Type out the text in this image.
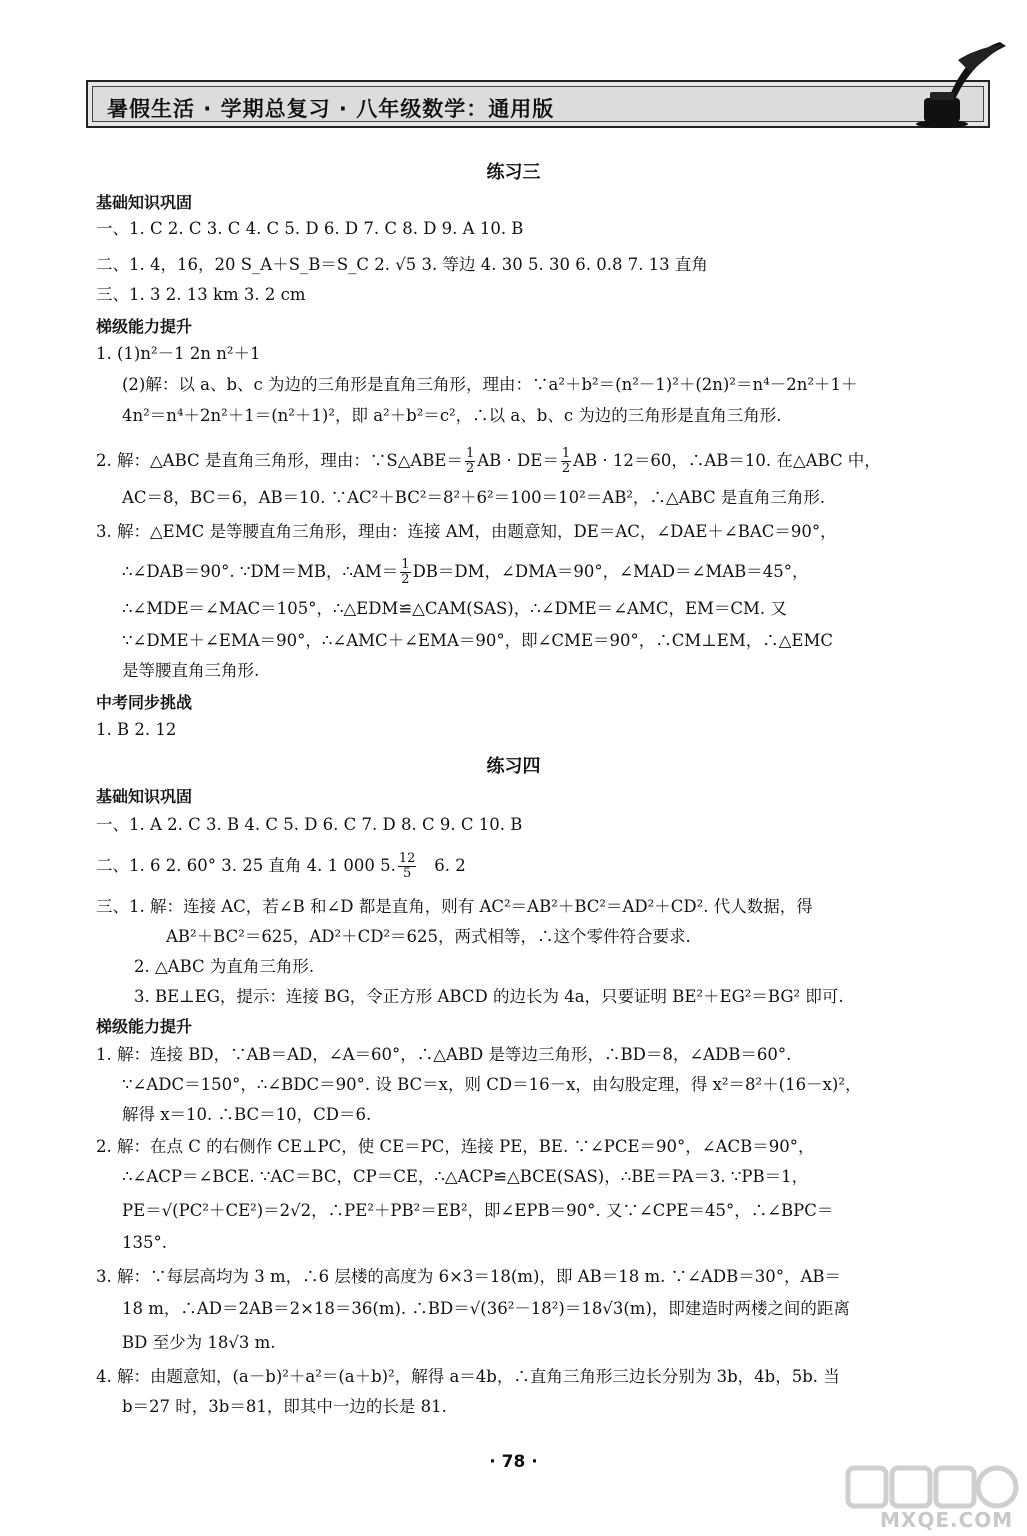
暑假生活 · 学期总复习 · 八年级数学：通用版
练习三
基础知识巩固
一、1. C 2. C 3. C 4. C 5. D 6. D 7. C 8. D 9. A 10. B
二、1. 4，16，20 S_A＋S_B＝S_C 2. √5 3. 等边 4. 30 5. 30 6. 0.8 7. 13 直角
三、1. 3 2. 13 km 3. 2 cm
梯级能力提升
1. (1)n²－1 2n n²＋1
(2)解：以 a、b、c 为边的三角形是直角三角形，理由：∵a²＋b²＝(n²－1)²＋(2n)²＝n⁴－2n²＋1＋
4n²＝n⁴＋2n²＋1＝(n²＋1)²，即 a²＋b²＝c²，∴以 a、b、c 为边的三角形是直角三角形.
2. 解：△ABC 是直角三角形，理由：∵S△ABE＝ $\frac{1}{2}$ AB · $DE= \frac{1}{2}$ AB · 12＝60，∴AB＝10. 在△ABC 中，
AC＝8，BC＝6，AB＝10. ∵AC²＋BC²＝8²＋6²＝100＝10²＝AB²，∴△ABC 是直角三角形.
3. 解：△EMC 是等腰直角三角形，理由：连接 AM，由题意知，DE＝AC，∠DAE＋∠BAC＝90°，
∴∠DAB＝90°. ∵DM＝MB，∴AM＝ $\frac{1}{2} DB=DM$，∠DMA＝90°，∠MAD＝∠MAB＝45°，
∴∠MDE＝∠MAC＝105°，∴△EDM≌△CAM(SAS)，∴∠DME＝∠AMC，EM＝CM. 又
∵∠DME＋∠EMA＝90°，∴∠AMC＋∠EMA＝90°，即∠CME＝90°，∴CM⊥EM，∴△EMC
是等腰直角三角形.
中考同步挑战
1. B 2. 12
练习四
基础知识巩固
一、1. A 2. C 3. B 4. C 5. D 6. C 7. D 8. C 9. C 10. B
二、1. 6 2. 60° 3. 25 直角 4. 1 000 5. $\frac{12}{5} 6$. 2
三、1. 解：连接 AC，若∠B 和∠D 都是直角，则有 AC²＝AB²＋BC²＝AD²＋CD². 代人数据，得
AB²＋BC²＝625，AD²＋CD²＝625，两式相等，∴这个零件符合要求.
2. △ABC 为直角三角形.
3. BE⊥EG，提示：连接 BG，令正方形 ABCD 的边长为 4a，只要证明 BE²＋EG²＝BG² 即可.
梯级能力提升
1. 解：连接 BD，∵AB＝AD，∠A＝60°，∴△ABD 是等边三角形，∴BD＝8，∠ADB＝60°.
∵∠ADC＝150°，∴∠BDC＝90°. 设 BC＝x，则 CD＝16－x，由勾股定理，得 x²＝8²＋(16－x)²，
解得 x＝10. ∴BC＝10，CD＝6.
2. 解：在点 C 的右侧作 CE⊥PC，使 CE＝PC，连接 PE，BE. ∵∠PCE＝90°，∠ACB＝90°，
∴∠ACP＝∠BCE. ∵AC＝BC，CP＝CE，∴△ACP≌△BCE(SAS)，∴BE＝PA＝3. ∵PB＝1，
PE＝√(PC²＋CE²)＝2√2，∴PE²＋PB²＝EB²，即∠EPB＝90°. 又∵∠CPE＝45°，∴∠BPC＝
135°.
3. 解：∵每层高均为 3 m，∴6 层楼的高度为 6×3＝18(m)，即 AB＝18 m. ∵∠ADB＝30°，AB＝
18 m，∴AD＝2AB＝2×18＝36(m). ∴BD＝√(36²－18²)＝18√3(m)，即建造时两楼之间的距离
BD 至少为 18√3 m.
4. 解：由题意知，(a－b)²＋a²＝(a＋b)²，解得 a＝4b，∴直角三角形三边长分别为 3b，4b，5b. 当
b＝27 时，3b＝81，即其中一边的长是 81.
· 78 ·
MXQE.COM
